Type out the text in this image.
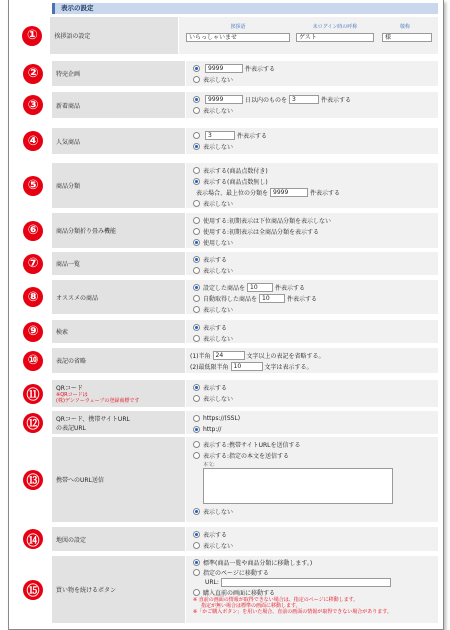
表示の設定
①	挨拶語の設定
挨拶語	未ログイン時の呼称	敬称
いらっしゃいませ	ゲスト	様
②	特売企画
9999	件表示する
表示しない
③	新着商品
9999	日以内のものを 3	件表示する
表示しない
④	人気商品
3	件表示する
表示しない
⑤	商品分類
表示する(商品点数付き)
表示する(商品点数無し)
表示場合、最上位の分類を 9999	件表示する
表示しない
⑥	商品分類折り畳み機能
使用する:初期表示は下位商品分類を表示しない
使用する:初期表示は全商品分類を表示する
使用しない
⑦	商品一覧
表示する
表示しない
⑧	オススメの商品
設定した商品を 10	件表示する
自動取得した商品を 10	件表示する
表示しない
⑨	検索
表示する
表示しない
⑩	表記の省略
(1)半角 24	文字以上の表記を省略する。
(2)最低限半角 10	文字は表示する。
⑪	QRコード
※QRコードは
(株)デンソーウェーブの登録商標です
表示する
表示しない
⑫	QRコード、携帯サイトURL
の表記URL
https://(SSL)
http://
⑬	携帯へのURL送信
表示する:携帯サイトURLを送信する
表示する:指定の本文を送信する
本文:
表示しない
⑭	地図の設定
表示する
表示しない
⑮	買い物を続けるボタン
標準(商品一覧や商品分類に移動します。)
指定のページに移動する
URL:
購入直前の画面に移動する
※ 直前の画面の情報が取得できない場合は、指定のページに移動します。
指定が無い場合は標準の画面に移動します。
※「かご購入ボタン」を用いた場合、直前の画面の情報が取得できない場合があります。
